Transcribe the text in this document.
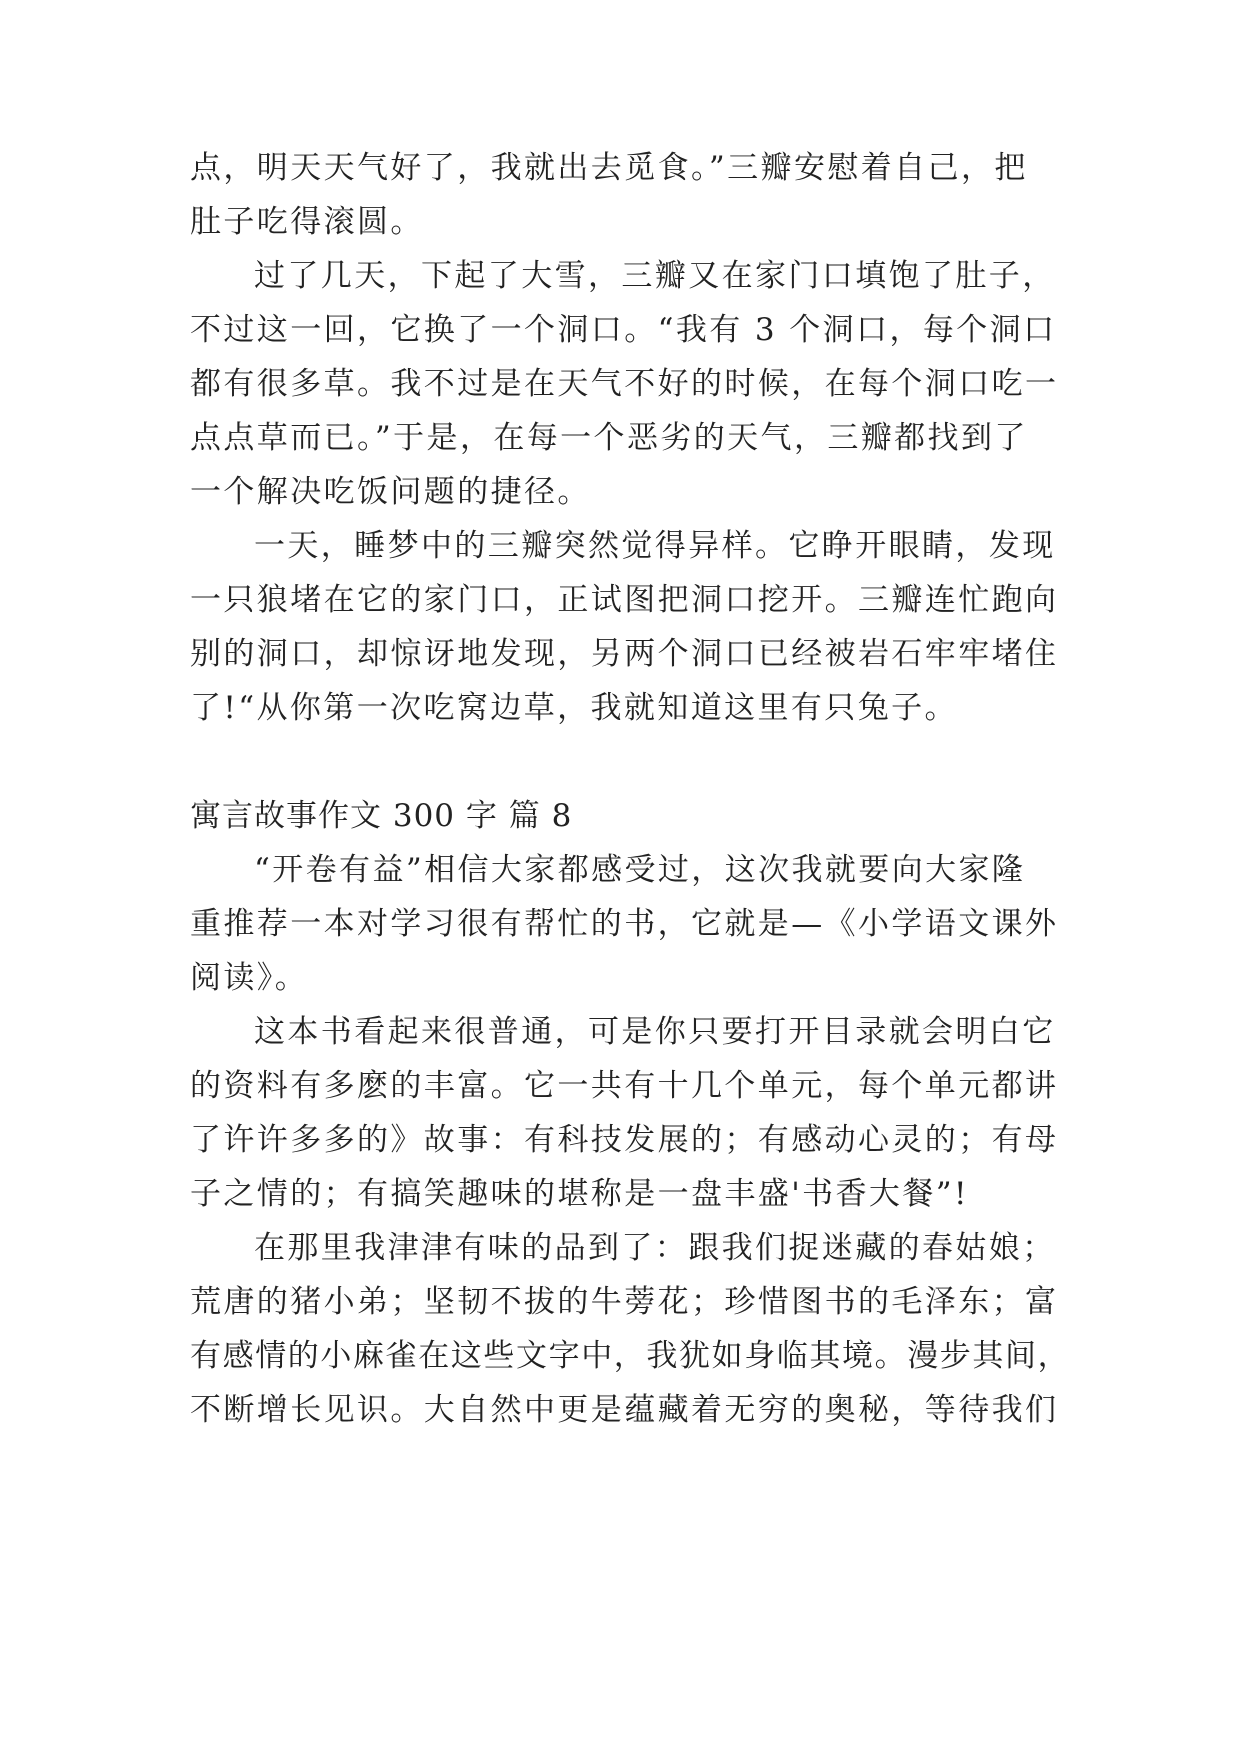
点，明天天气好了，我就出去觅食。”三瓣安慰着自己，把
肚子吃得滚圆。
过了几天，下起了大雪，三瓣又在家门口填饱了肚子，
不过这一回，它换了一个洞口。“我有 3 个洞口，每个洞口
都有很多草。我不过是在天气不好的时候，在每个洞口吃一
点点草而已。”于是，在每一个恶劣的天气，三瓣都找到了
一个解决吃饭问题的捷径。
一天，睡梦中的三瓣突然觉得异样。它睁开眼睛，发现
一只狼堵在它的家门口，正试图把洞口挖开。三瓣连忙跑向
别的洞口，却惊讶地发现，另两个洞口已经被岩石牢牢堵住
了!“从你第一次吃窝边草，我就知道这里有只兔子。
寓言故事作文 300 字 篇 8
“开卷有益”相信大家都感受过，这次我就要向大家隆
重推荐一本对学习很有帮忙的书，它就是—《小学语文课外
阅读》。
这本书看起来很普通，可是你只要打开目录就会明白它
的资料有多麽的丰富。它一共有十几个单元，每个单元都讲
了许许多多的》故事：有科技发展的；有感动心灵的；有母
子之情的；有搞笑趣味的堪称是一盘丰盛'书香大餐”!
在那里我津津有味的品到了：跟我们捉迷藏的春姑娘；
荒唐的猪小弟；坚韧不拔的牛蒡花；珍惜图书的毛泽东；富
有感情的小麻雀在这些文字中，我犹如身临其境。漫步其间，
不断增长见识。大自然中更是蕴藏着无穷的奥秘，等待我们
